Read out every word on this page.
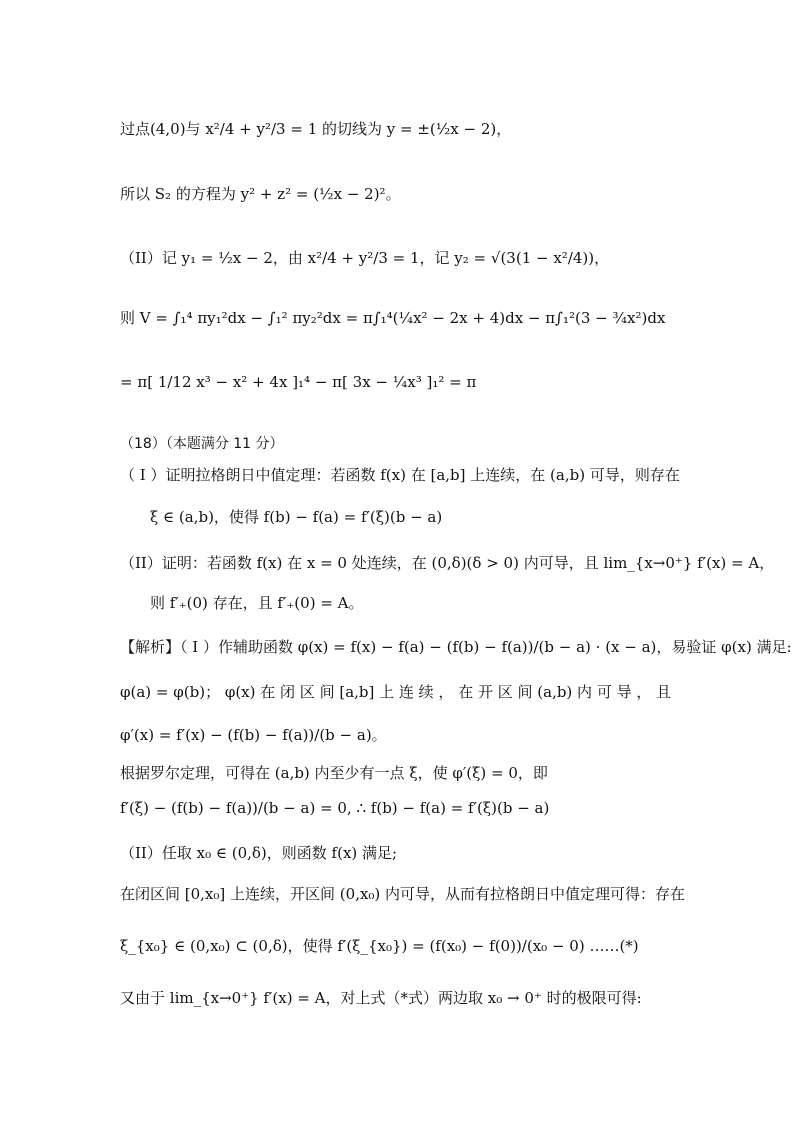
过点(4,0)与 x²/4 + y²/3 = 1 的切线为 y = ±(½x − 2)，
所以 S₂ 的方程为 y² + z² = (½x − 2)²。
（II）记 y₁ = ½x − 2，由 x²/4 + y²/3 = 1，记 y₂ = √(3(1 − x²/4))，
则 V = ∫₁⁴ πy₁²dx − ∫₁² πy₂²dx = π∫₁⁴(¼x² − 2x + 4)dx − π∫₁²(3 − ¾x²)dx
= π[ 1/12 x³ − x² + 4x ]₁⁴ − π[ 3x − ¼x³ ]₁² = π
（18）（本题满分 11 分）
（ I ）证明拉格朗日中值定理：若函数 f(x) 在 [a,b] 上连续，在 (a,b) 可导，则存在
ξ ∈ (a,b)，使得 f(b) − f(a) = f′(ξ)(b − a)
（II）证明：若函数 f(x) 在 x = 0 处连续，在 (0,δ)(δ > 0) 内可导，且 lim_{x→0⁺} f′(x) = A，
则 f′₊(0) 存在，且 f′₊(0) = A。
【解析】（ I ）作辅助函数 φ(x) = f(x) − f(a) − (f(b) − f(a))/(b − a) · (x − a)，易验证 φ(x) 满足:
φ(a) = φ(b)； φ(x) 在 闭 区 间 [a,b] 上 连 续 ， 在 开 区 间 (a,b) 内 可 导 ， 且
φ′(x) = f′(x) − (f(b) − f(a))/(b − a)。
根据罗尔定理，可得在 (a,b) 内至少有一点 ξ，使 φ′(ξ) = 0，即
f′(ξ) − (f(b) − f(a))/(b − a) = 0, ∴ f(b) − f(a) = f′(ξ)(b − a)
（II）任取 x₀ ∈ (0,δ)，则函数 f(x) 满足;
在闭区间 [0,x₀] 上连续，开区间 (0,x₀) 内可导，从而有拉格朗日中值定理可得：存在
ξ_{x₀} ∈ (0,x₀) ⊂ (0,δ)，使得 f′(ξ_{x₀}) = (f(x₀) − f(0))/(x₀ − 0) ……(*)
又由于 lim_{x→0⁺} f′(x) = A，对上式（*式）两边取 x₀ → 0⁺ 时的极限可得:
